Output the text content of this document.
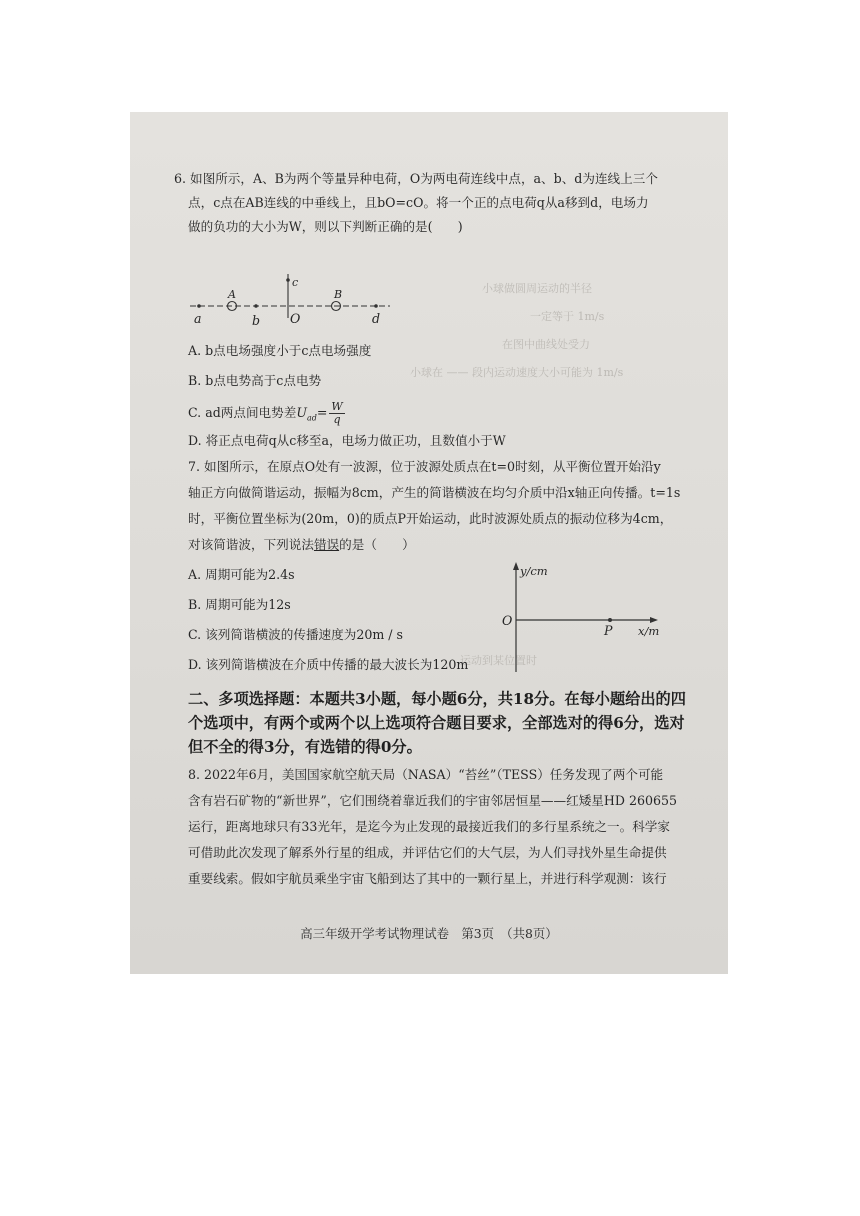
小球做圆周运动的半径
一定等于 1m/s
在图中曲线处受力
小球在 —— 段内运动速度大小可能为 1m/s
运动到某位置时
6. 如图所示，A、B为两个等量异种电荷，O为两电荷连线中点，a、b、d为连线上三个
点，c点在AB连线的中垂线上，且bO=cO。将一个正的点电荷q从a移到d，电场力
做的负功的大小为W，则以下判断正确的是(　　)
a
A
b
c
O
B
d
A. b点电场强度小于c点电场强度
B. b点电势高于c点电势
C. ad两点间电势差$U_{ad}= \frac{W}{q}$
D. 将正点电荷q从c移至a，电场力做正功，且数值小于W
7. 如图所示，在原点O处有一波源，位于波源处质点在t=0时刻，从平衡位置开始沿y
轴正方向做简谐运动，振幅为8cm，产生的简谐横波在均匀介质中沿x轴正向传播。t=1s
时，平衡位置坐标为(20m，0)的质点P开始运动，此时波源处质点的振动位移为4cm，
对该简谐波，下列说法错误的是（　　）
A. 周期可能为2.4s
B. 周期可能为12s
C. 该列简谐横波的传播速度为20m / s
D. 该列简谐横波在介质中传播的最大波长为120m
y/cm
O
P x/m
二、多项选择题：本题共3小题，每小题6分，共18分。在每小题给出的四
个选项中，有两个或两个以上选项符合题目要求，全部选对的得6分，选对
但不全的得3分，有选错的得0分。
8. 2022年6月，美国国家航空航天局（NASA）“苔丝”（TESS）任务发现了两个可能
含有岩石矿物的“新世界”，它们围绕着靠近我们的宇宙邻居恒星——红矮星HD 260655
运行，距离地球只有33光年，是迄今为止发现的最接近我们的多行星系统之一。科学家
可借助此次发现了解系外行星的组成，并评估它们的大气层，为人们寻找外星生命提供
重要线索。假如宇航员乘坐宇宙飞船到达了其中的一颗行星上，并进行科学观测：该行
高三年级开学考试物理试卷　第3页　（共8页）
